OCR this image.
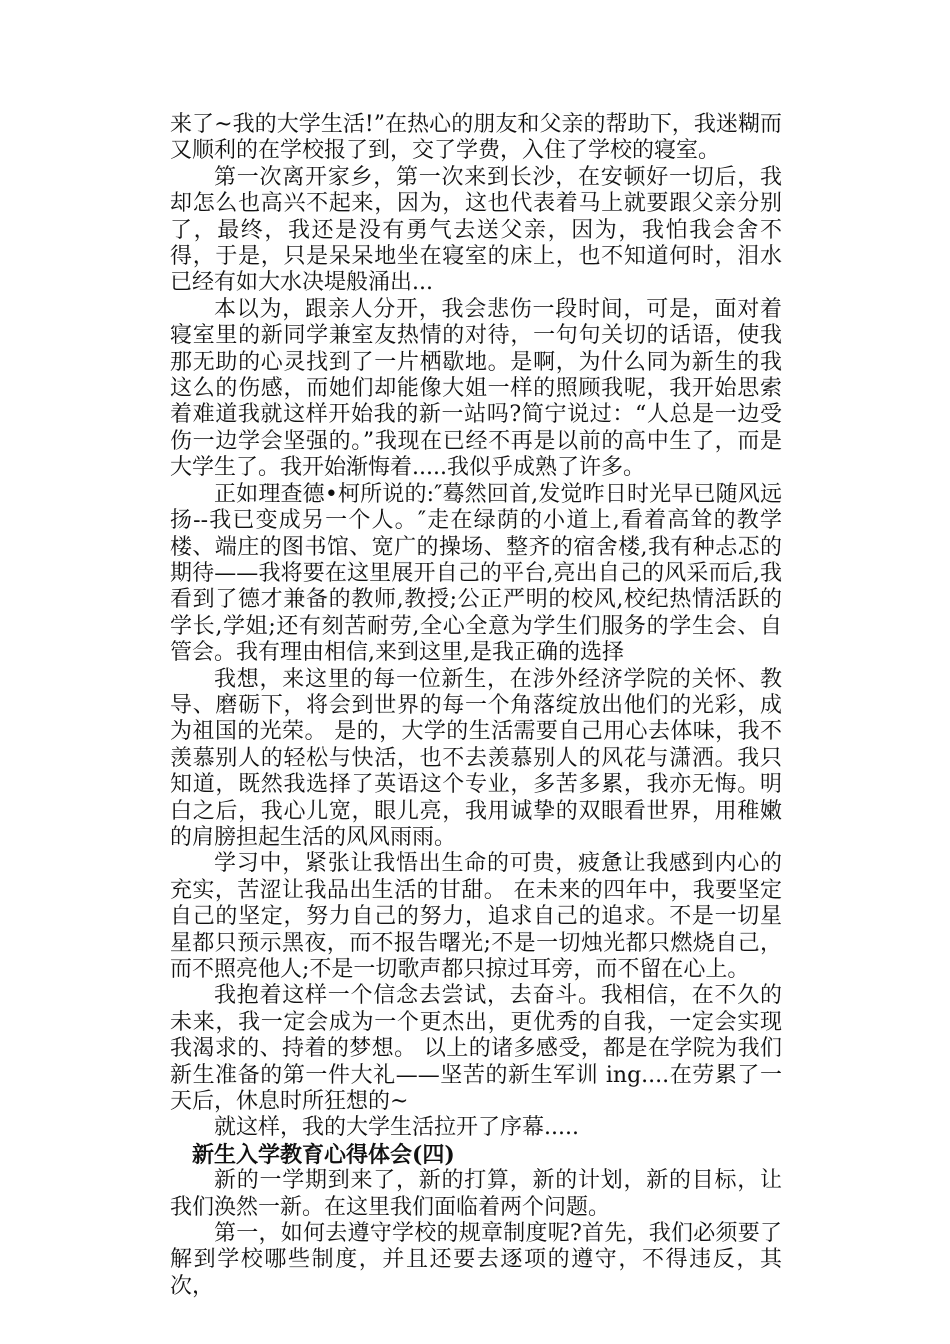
来了~我的大学生活!”在热心的朋友和父亲的帮助下，我迷糊而又顺利的在学校报了到，交了学费，入住了学校的寝室。

第一次离开家乡，第一次来到长沙，在安顿好一切后，我却怎么也高兴不起来，因为，这也代表着马上就要跟父亲分别了，最终，我还是没有勇气去送父亲，因为，我怕我会舍不得，于是，只是呆呆地坐在寝室的床上，也不知道何时，泪水已经有如大水决堤般涌出...

本以为，跟亲人分开，我会悲伤一段时间，可是，面对着寝室里的新同学兼室友热情的对待，一句句关切的话语，使我那无助的心灵找到了一片栖歇地。是啊，为什么同为新生的我这么的伤感，而她们却能像大姐一样的照顾我呢，我开始思索着难道我就这样开始我的新一站吗?简宁说过：“人总是一边受伤一边学会坚强的。”我现在已经不再是以前的高中生了，而是大学生了。我开始渐悔着.....我似乎成熟了许多。

正如理查德•柯所说的:″蓦然回首,发觉昨日时光早已随风远扬--我已变成另一个人。″走在绿荫的小道上,看着高耸的教学楼、端庄的图书馆、宽广的操场、整齐的宿舍楼,我有种忐忑的期待——我将要在这里展开自己的平台,亮出自己的风采而后,我看到了德才兼备的教师,教授;公正严明的校风,校纪热情活跃的学长,学姐;还有刻苦耐劳,全心全意为学生们服务的学生会、自管会。我有理由相信,来到这里,是我正确的选择

我想，来这里的每一位新生，在涉外经济学院的关怀、教导、磨砺下，将会到世界的每一个角落绽放出他们的光彩，成为祖国的光荣。 是的，大学的生活需要自己用心去体味，我不羡慕别人的轻松与快活，也不去羡慕别人的风花与潇洒。我只知道，既然我选择了英语这个专业，多苦多累，我亦无悔。明白之后，我心儿宽，眼儿亮，我用诚挚的双眼看世界，用稚嫩的肩膀担起生活的风风雨雨。

学习中，紧张让我悟出生命的可贵，疲惫让我感到内心的充实，苦涩让我品出生活的甘甜。 在未来的四年中，我要坚定自己的坚定，努力自己的努力，追求自己的追求。不是一切星星都只预示黑夜，而不报告曙光;不是一切烛光都只燃烧自己，而不照亮他人;不是一切歌声都只掠过耳旁，而不留在心上。

我抱着这样一个信念去尝试，去奋斗。我相信，在不久的未来，我一定会成为一个更杰出，更优秀的自我，一定会实现我渴求的、持着的梦想。 以上的诸多感受，都是在学院为我们新生准备的第一件大礼——坚苦的新生军训 ing....在劳累了一天后，休息时所狂想的~

就这样，我的大学生活拉开了序幕.....

新生入学教育心得体会(四)

新的一学期到来了，新的打算，新的计划，新的目标，让我们涣然一新。在这里我们面临着两个问题。

第一，如何去遵守学校的规章制度呢?首先，我们必须要了解到学校哪些制度，并且还要去逐项的遵守，不得违反，其次，
